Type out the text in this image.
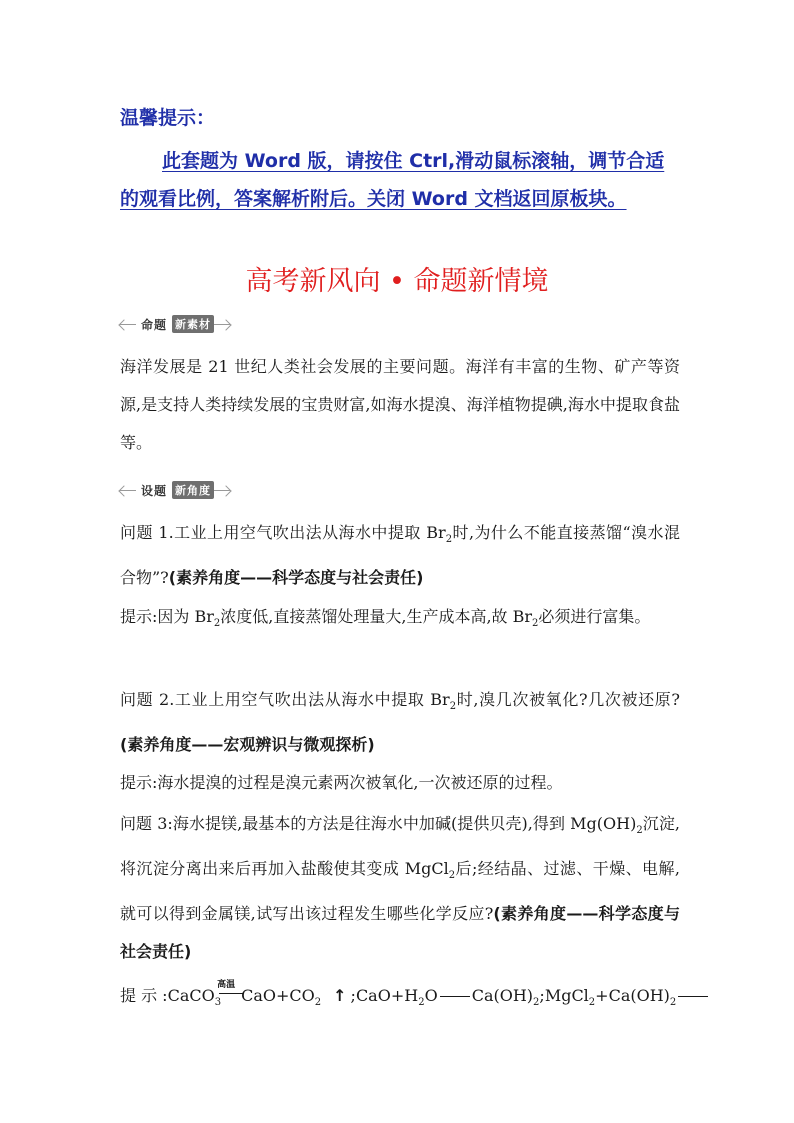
温馨提示：
此套题为 Word 版，请按住 Ctrl,滑动鼠标滚轴，调节合适的观看比例，答案解析附后。关闭 Word 文档返回原板块。
高考新风向 • 命题新情境
命题 新素材
海洋发展是 21 世纪人类社会发展的主要问题。海洋有丰富的生物、矿产等资源,是支持人类持续发展的宝贵财富,如海水提溴、海洋植物提碘,海水中提取食盐等。
设题 新角度
问题 1.工业上用空气吹出法从海水中提取 $Br_2$时,为什么不能直接蒸馏“溴水混合物”?(素养角度——科学态度与社会责任)
提示:因为 $Br_2$浓度低,直接蒸馏处理量大,生产成本高,故 $Br_2$必须进行富集。
问题 2.工业上用空气吹出法从海水中提取 $Br_2$时,溴几次被氧化?几次被还原?(素养角度——宏观辨识与微观探析)
提示:海水提溴的过程是溴元素两次被氧化,一次被还原的过程。
问题 3:海水提镁,最基本的方法是往海水中加碱(提供贝壳),得到 $Mg(OH)_2$沉淀,将沉淀分离出来后再加入盐酸使其变成 MgCl$_2$后;经结晶、过滤、干燥、电解,就可以得到金属镁,试写出该过程发生哪些化学反应?(素养角度——科学态度与社会责任)
提 示 :CaCO$_3$
高温
$CaO+CO_2$ ↑ $;CaO+H_2O$ $Ca(OH)_2;MgCl_2+Ca(OH)_2$
